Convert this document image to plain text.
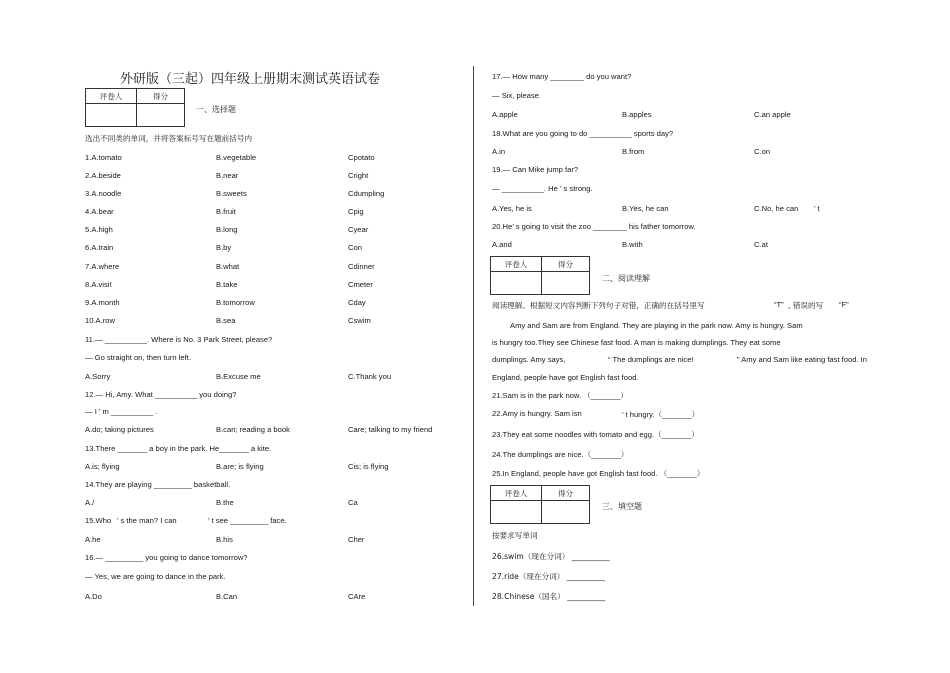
外研版（三起）四年级上册期末测试英语试卷
评卷人	得分

一、选择题
选出不同类的单词，并将答案标号写在题前括号内
1.A.tomato	B.vegetable	Cpotato
2.A.beside	B.near	Cright
3.A.noodle	B.sweets	Cdumpling
4.A.bear	B.fruit	Cpig
5.A.high	B.long	Cyear
6.A.train	B.by	Con
7.A.where	B.what	Cdinner
8.A.visit	B.take	Cmeter
9.A.month	B.tomorrow	Cday
10.A.row	B.sea	Cswim
11.— __________. Where is No. 3 Park Street, please?
— Go straight on, then turn left.
A.Sorry	B.Excuse me	C.Thank you
12.— Hi, Amy. What __________ you doing?
— I ’ m __________ .
A.do; taking pictures	B.can; reading a book	Care; talking to my friend
13.There _______ a boy in the park. He_______ a kite.
A.is; flying	B.are; is flying	Cis; is flying
14.They are playing _________ basketball.
A./	B.the	Ca
15.Who ’ s the man? I can	’ t see _________ face.
A.he	B.his	Cher
16.— _________ you going to dance tomorrow?
— Yes, we are going to dance in the park.
A.Do	B.Can	CAre
17.— How many ________ do you want?
— Six, please.
A.apple	B.apples	C.an apple
18.What are you going to do __________ sports day?
A.in	B.from	C.on
19.— Can Mike jump far?
— __________. He ’ s strong.
A.Yes, he is	B.Yes, he can	C.No, he can ’ t
20.He’ s going to visit the zoo ________ his father tomorrow.
A.and	B.with	C.at
评卷人	得分

二、阅读理解
阅读理解。根据短文内容判断下列句子对错，正确的在括号里写	“T” , 错误的写 “F”
Amy and Sam are from England. They are playing in the park now. Amy is hungry. Sam
is hungry too.They see Chinese fast food. A man is making dumplings. They eat some
dumplings. Amy says,	“ The dumplings are nice!	” Amy and Sam like eating fast food. In
England, people have got English fast food.
21.Sam is in the park now. （_______）
22.Amy is hungry. Sam isn	’ t hungry.（_______）
23.They eat some noodles with tomato and egg.（_______）
24.The dumplings are nice.（_______）
25.In England, people have got English fast food. （_______）
评卷人	得分

三、填空题
按要求写单词
26.swim（现在分词） __________
27.ride（现在分词） __________
28.Chinese（国名） __________
